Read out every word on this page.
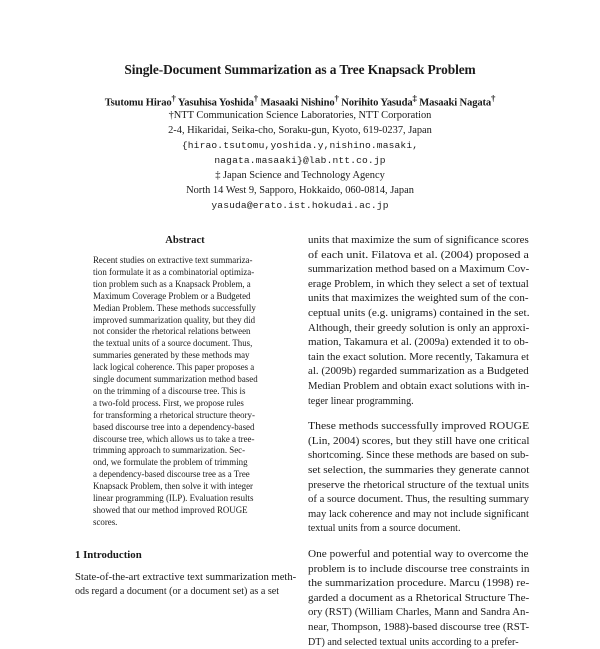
Single-Document Summarization as a Tree Knapsack Problem
Tsutomu Hirao† Yasuhisa Yoshida† Masaaki Nishino† Norihito Yasuda‡ Masaaki Nagata†
†NTT Communication Science Laboratories, NTT Corporation
2-4, Hikaridai, Seika-cho, Soraku-gun, Kyoto, 619-0237, Japan
{hirao.tsutomu,yoshida.y,nishino.masaki,
nagata.masaaki}@lab.ntt.co.jp
‡ Japan Science and Technology Agency
North 14 West 9, Sapporo, Hokkaido, 060-0814, Japan
yasuda@erato.ist.hokudai.ac.jp
Abstract
Recent studies on extractive text summariza-
tion formulate it as a combinatorial optimiza-
tion problem such as a Knapsack Problem, a
Maximum Coverage Problem or a Budgeted
Median Problem. These methods successfully
improved summarization quality, but they did
not consider the rhetorical relations between
the textual units of a source document. Thus,
summaries generated by these methods may
lack logical coherence. This paper proposes a
single document summarization method based
on the trimming of a discourse tree. This is
a two-fold process. First, we propose rules
for transforming a rhetorical structure theory-
based discourse tree into a dependency-based
discourse tree, which allows us to take a tree-
trimming approach to summarization. Sec-
ond, we formulate the problem of trimming
a dependency-based discourse tree as a Tree
Knapsack Problem, then solve it with integer
linear programming (ILP). Evaluation results
showed that our method improved ROUGE
scores.
1 Introduction
State-of-the-art extractive text summarization meth-
ods regard a document (or a document set) as a set
units that maximize the sum of significance scores
of each unit. Filatova et al. (2004) proposed a
summarization method based on a Maximum Cov-
erage Problem, in which they select a set of textual
units that maximizes the weighted sum of the con-
ceptual units (e.g. unigrams) contained in the set.
Although, their greedy solution is only an approxi-
mation, Takamura et al. (2009a) extended it to ob-
tain the exact solution. More recently, Takamura et
al. (2009b) regarded summarization as a Budgeted
Median Problem and obtain exact solutions with in-
teger linear programming.
These methods successfully improved ROUGE
(Lin, 2004) scores, but they still have one critical
shortcoming. Since these methods are based on sub-
set selection, the summaries they generate cannot
preserve the rhetorical structure of the textual units
of a source document. Thus, the resulting summary
may lack coherence and may not include significant
textual units from a source document.
One powerful and potential way to overcome the
problem is to include discourse tree constraints in
the summarization procedure. Marcu (1998) re-
garded a document as a Rhetorical Structure The-
ory (RST) (William Charles, Mann and Sandra An-
near, Thompson, 1988)-based discourse tree (RST-
DT) and selected textual units according to a prefer-
